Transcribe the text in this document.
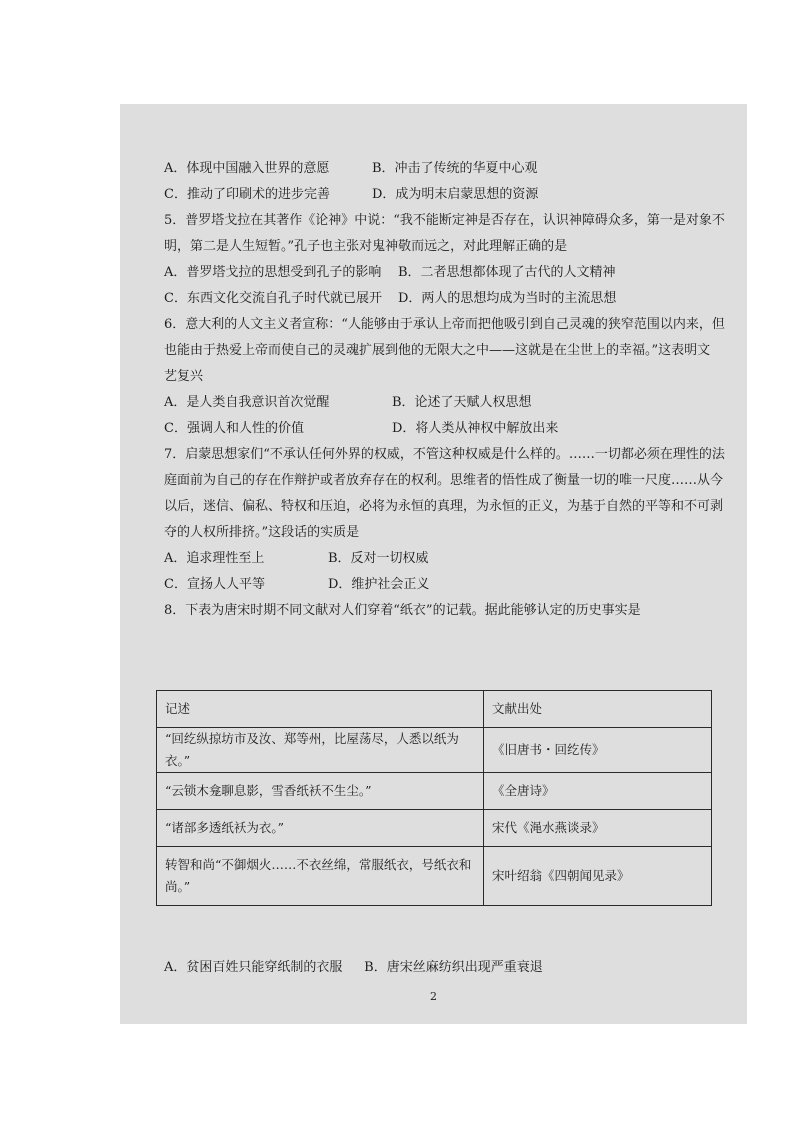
A．体现中国融入世界的意愿	B．冲击了传统的华夏中心观
C．推动了印刷术的进步完善	D．成为明末启蒙思想的资源
5．普罗塔戈拉在其著作《论神》中说：“我不能断定神是否存在，认识神障碍众多，第一是对象不
明，第二是人生短暂。”孔子也主张对鬼神敬而远之，对此理解正确的是
A．普罗塔戈拉的思想受到孔子的影响	B．二者思想都体现了古代的人文精神
C．东西文化交流自孔子时代就已展开	D．两人的思想均成为当时的主流思想
6．意大利的人文主义者宣称：“人能够由于承认上帝而把他吸引到自己灵魂的狭窄范围以内来，但
也能由于热爱上帝而使自己的灵魂扩展到他的无限大之中——这就是在尘世上的幸福。”这表明文
艺复兴
A．是人类自我意识首次觉醒	B．论述了天赋人权思想
C．强调人和人性的价值	D．将人类从神权中解放出来
7．启蒙思想家们“不承认任何外界的权威，不管这种权威是什么样的。……一切都必须在理性的法
庭面前为自己的存在作辩护或者放弃存在的权利。思维者的悟性成了衡量一切的唯一尺度……从今
以后，迷信、偏私、特权和压迫，必将为永恒的真理，为永恒的正义，为基于自然的平等和不可剥
夺的人权所排挤。”这段话的实质是
A．追求理性至上	B．反对一切权威
C．宣扬人人平等	D．维护社会正义
8．下表为唐宋时期不同文献对人们穿着“纸衣”的记载。据此能够认定的历史事实是
记述	文献出处
“回纥纵掠坊市及汝、郑等州，比屋荡尽，人悉以纸为衣。”	《旧唐书・回纥传》
“云锁木龛聊息影，雪香纸袄不生尘。”	《全唐诗》
“诸部多透纸袄为衣。”	宋代《渑水燕谈录》
转智和尚“不御烟火……不衣丝绵，常服纸衣，号纸衣和尚。”	宋叶绍翁《四朝闻见录》
A．贫困百姓只能穿纸制的衣服 B．唐宋丝麻纺织出现严重衰退
2
